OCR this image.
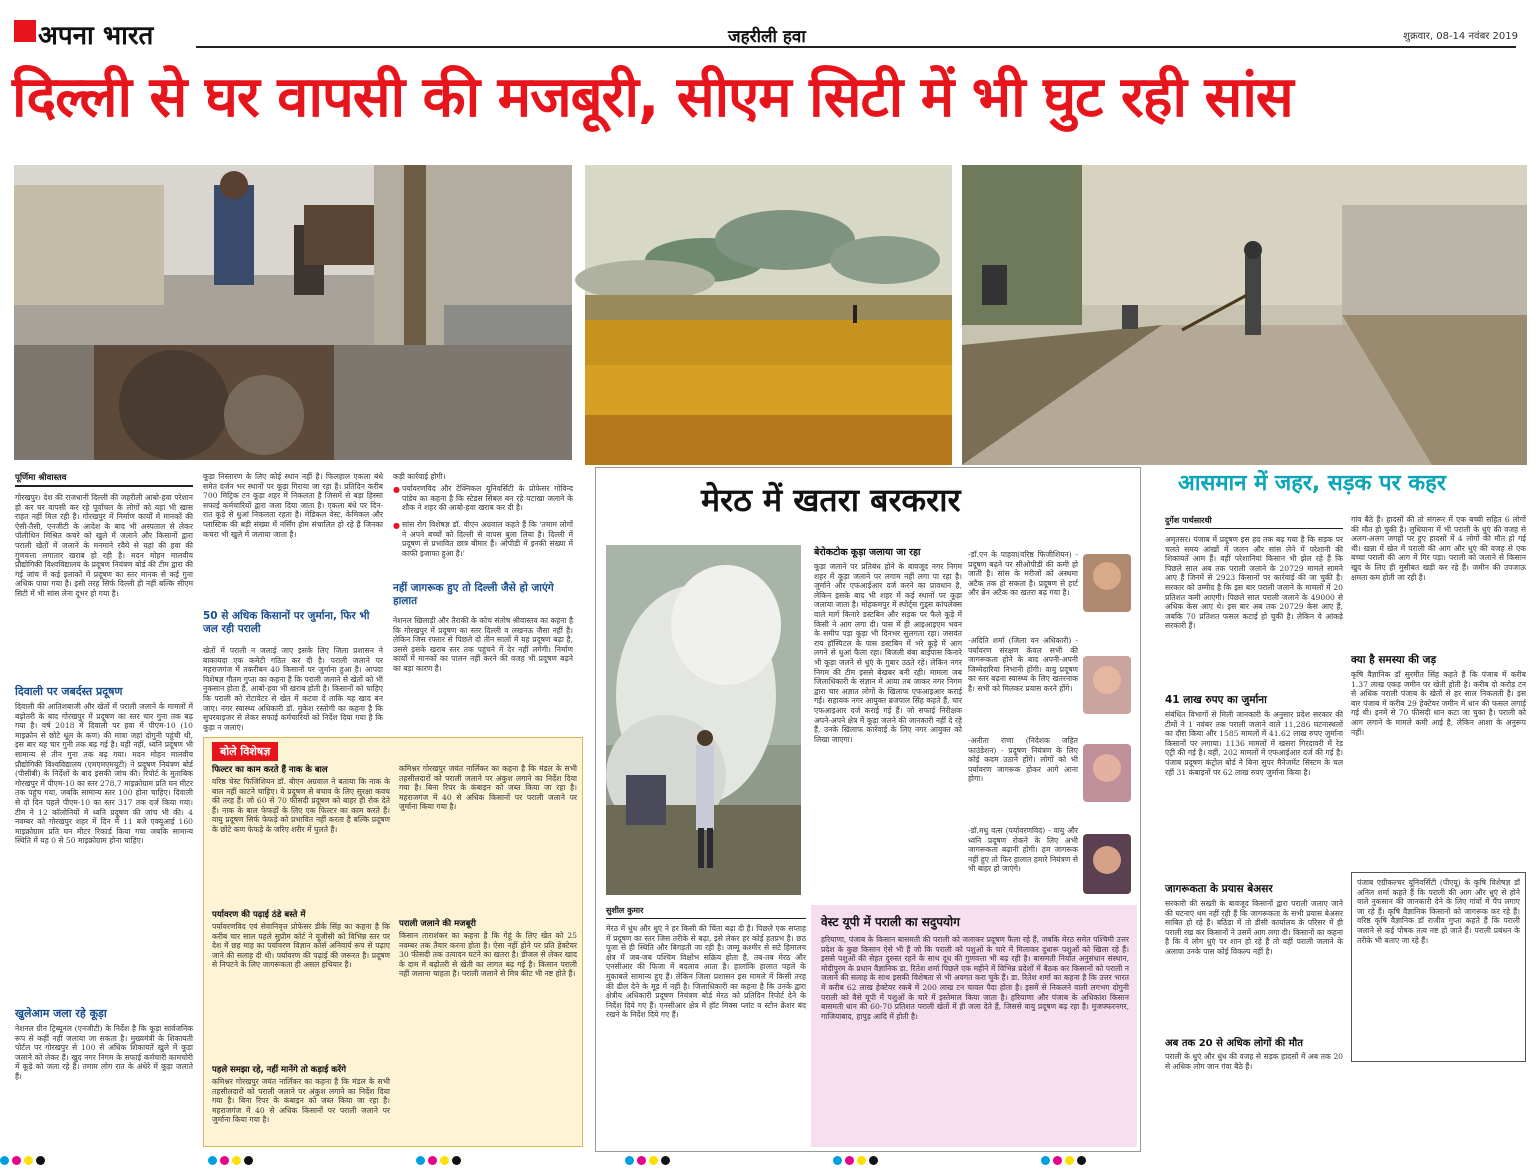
अपना भारत	जहरीली हवा	शुक्रवार, 08-14 नवंबर 2019
दिल्ली से घर वापसी की मजबूरी, सीएम सिटी में भी घुट रही सांस
पूर्णिमा श्रीवास्तव
गोरखपुर। देश की राजधानी दिल्ली की जहरीली आबो-हवा परेशान हो कर घर वापसी कर रहे पूर्वांचल के लोगों को यहां भी खास राहत नहीं मिल रही है। गोरखपुर में निर्माण कार्यों में मानकों की ऐसी-तैसी, एनजीटी के आदेश के बाद भी अस्पताल से लेकर पॉलीथिन मिश्रित कचरे को खुले में जलाने और किसानों द्वारा पराली खेतों में जलाने के मनमाने रवैये से यहां की हवा की गुणवत्ता लगातार खराब हो रही है। मदन मोहन मालवीय प्रौद्योगिकी विश्वविद्यालय के प्रदूषण नियंत्रण बोर्ड की टीम द्वारा की गई जांच में कई इलाकों में प्रदूषण का स्तर मानक से कई गुना अधिक पाया गया है। इसी तरह सिर्फ दिल्ली ही नहीं बल्कि सीएम सिटी में भी सांस लेना दूभर हो गया है।
दिवाली पर जबर्दस्त प्रदूषण
दिवाली की आतिशबाजी और खेतों में पराली जलाने के मामलों में बढ़ोतरी के बाद गोरखपुर में प्रदूषण का स्तर चार गुना तक बढ़ गया है। वर्ष 2018 में दिवाली पर हवा में पीएम-10 (10 माइक्रोन से छोटे धूल के कण) की मात्रा जहां दोगुनी पहुंची थी, इस बार यह चार गुनी तक बढ़ गई है। यही नहीं, ध्वनि प्रदूषण भी सामान्य से तीन गुना तक बढ़ गया। मदन मोहन मालवीय प्रौद्योगिकी विश्वविद्यालय (एमएमएमयूटी) ने प्रदूषण नियंत्रण बोर्ड (पीसीबी) के निर्देशों के बाद इसकी जांच की। रिपोर्ट के मुताबिक गोरखपुर में पीएम-10 का स्तर 278.7 माइक्रोग्राम प्रति घन मीटर तक पहुंच गया, जबकि सामान्य स्तर 100 होना चाहिए। दिवाली से दो दिन पहले पीएम-10 का स्तर 317 तक दर्ज किया गया। टीम ने 12 कॉलोनियों में ध्वनि प्रदूषण की जांच भी की। 4 नवम्बर को गोरखपुर शहर में दिन में 11 बजे एक्यूआई 160 माइक्रोग्राम प्रति घन मीटर रिकार्ड किया गया जबकि सामान्य स्थिति में यह 0 से 50 माइक्रोग्राम होना चाहिए।
खुलेआम जला रहे कूड़ा
नेशनल ग्रीन ट्रिब्यूनल (एनजीटी) के निर्देश है कि कूड़ा सार्वजनिक रूप से कहीं नहीं जलाया जा सकता है। मुख्यमंत्री के शिकायती पोर्टल पर गोरखपुर से 100 से अधिक शिकायतें खुले में कूड़ा जलाने को लेकर हैं। खुद नगर निगम के सफाई कर्मचारी कामचोरी में कूड़े को जला रहे हैं। तमाम लोग रात के अंधेरे में कूड़ा जलाते हैं।
कूड़ा निस्तारण के लिए कोई स्थान नहीं है। फिलहाल एकला बंधे समेत दर्जन भर स्थानों पर कूड़ा गिराया जा रहा है। प्रतिदिन करीब 700 मिट्रिक टन कूड़ा शहर में निकलता है जिसमें से बड़ा हिस्सा सफाई कर्मचारियों द्वारा जला दिया जाता है। एकला बंधे पर दिन-रात कूड़े से धुआं निकलता रहता है। मेडिकल वेस्ट, केमिकल और प्लास्टिक की बड़ी संख्या में नर्सिंग होम संचालित हो रहे हैं जिनका कचरा भी खुले में जलाया जाता है।
50 से अधिक किसानों पर जुर्माना, फिर भी जल रही पराली
खेतों में पराली न जलाई जाए इसके लिए जिला प्रशासन ने बाकायदा एक कमेटी गठित कर दी है। पराली जलाने पर महराजगंज में तकरीबन 40 किसानों पर जुर्माना हुआ है। आपदा विशेषज्ञ गौतम गुप्ता का कहना है कि पराली जलाने से खेतों को भी नुकसान होता है, आबो-हवा भी खराब होती है। किसानों को चाहिए कि पराली को रोटावेटर से खेत में कटवा दें ताकि यह खाद बन जाए। नगर स्वास्थ्य अधिकारी डॉ. मुकेश रस्तोगी का कहना है कि सुपरवाइजर से लेकर सफाई कर्मचारियों को निर्देश दिया गया है कि कूड़ा न जलाएं।
कड़ी कार्रवाई होगी।
● पर्यावरणविद और टेक्निकल यूनिवर्सिटी के प्रोफेसर गोविन्द पांडेय का कहना है कि स्टेडस सिंबल बन रहे पटाखा जलाने के शौक ने शहर की आबो-हवा खराब कर दी है।
● सांस रोग विशेषज्ञ डॉ. वीएन अग्रवाल कहते हैं कि 'तमाम लोगों ने अपने बच्चों को दिल्ली से वापस बुला लिया है। दिल्ली में प्रदूषण से प्रभावित छात्र बीमार हैं। ओपीडी में इनकी संख्या में काफी इजाफा हुआ है।'
नहीं जागरूक हुए तो दिल्ली जैसे हो जाएंगे हालात
नेशनल खिलाड़ी और तैराकी के कोच संतोष श्रीवास्तव का कहना है कि गोरखपुर में प्रदूषण का स्तर दिल्ली व लखनऊ जैसा नहीं है। लेकिन जिस रफ्तार से पिछले दो तीन सालों में यह प्रदूषण बढ़ा है, उससे इसके खराब स्तर तक पहुंचने में देर नहीं लगेगी। निर्माण कार्यों में मानकों का पालन नहीं करने की वजह भी प्रदूषण बढ़ने का बड़ा कारण है।
बोले विशेषज्ञ
फिल्टर का काम करते हैं नाक के बाल
वरिष्ठ चेस्ट फिजिशियन डॉ. बीएन अग्रवाल ने बताया कि नाक के बाल नहीं काटने चाहिए। ये प्रदूषण से बचाव के लिए सुरक्षा कवच की तरह हैं। जो 60 से 70 फीसदी प्रदूषण को बाहर ही रोक देते हैं। नाक के बाल फेफड़ों के लिए एक फिल्टर का काम करते हैं। वायु प्रदूषण सिर्फ फेफड़े को प्रभावित नहीं करता है बल्कि प्रदूषण के छोटे कण फेफड़े के जरिए शरीर में घुलते हैं।
पर्यावरण की पढ़ाई ठंडे बस्ते में
पर्यावरणविद एवं सेवानिवृत्त प्रोफेसर डीके सिंह का कहना है कि करीब चार साल पहले सुप्रीम कोर्ट ने यूजीसी को विभिन्न स्तर पर देश में छह माह का पर्यावरण विज्ञान कोर्स अनिवार्य रूप से पढ़ाए जाने की सलाह दी थी। पर्यावरण की पढ़ाई की जरूरत है। प्रदूषण से निपटने के लिए जागरूकता ही असल हथियार है।
पहले समझा रहे, नहीं मानेंगे तो कड़ाई करेंगे
कमिश्नर गोरखपुर जयंत नार्लिकर का कहना है कि मंडल के सभी तहसीलदारों को पराली जलाने पर अंकुश लगाने का निर्देश दिया गया है। बिना रिपर के कंबाइन को जब्त किया जा रहा है। महराजगंज में 40 से अधिक किसानों पर पराली जलाने पर जुर्माना किया गया है।
कमिश्नर गोरखपुर जयंत नार्लिकर का कहना है कि मंडल के सभी तहसीलदारों को पराली जलाने पर अंकुश लगाने का निर्देश दिया गया है। बिना रिपर के कंबाइन को जब्त किया जा रहा है। महराजगंज में 40 से अधिक किसानों पर पराली जलाने पर जुर्माना किया गया है।
पराली जलाने की मजबूरी
किसान ताराशंकर का कहना है कि गेहूं के लिए खेत को 25 नवम्बर तक तैयार करना होता है। ऐसा नहीं होने पर प्रति हेक्टेयर 30 फीसदी तक उत्पादन घटने का खतरा है। डीजल से लेकर खाद के दाम में बढ़ोतरी से खेती का लागत बढ़ गई है। किसान पराली नहीं जलाना चाहता है। पराली जलाने से मित्र कीट भी नष्ट होते हैं।
मेरठ में खतरा बरकरार
बेरोकटोक कूड़ा जलाया जा रहा
कूड़ा जलाने पर प्रतिबंध होने के बावजूद नगर निगम शहर में कूड़ा जलाने पर लगाम नहीं लगा पा रहा है। जुर्माने और एफआईआर दर्ज करने का प्रावधान है, लेकिन इसके बाद भी शहर में कई स्थानों पर कूड़ा जलाया जाता है। मोहकमपुर में स्पोर्ट्स गुड्स कांपलेक्स वाले मार्ग किनारे डस्टबिन और सड़क पर फैले कूड़े में किसी ने आग लगा दी। पास में ही आइआइएम भवन के समीप पड़ा कूड़ा भी दिनभर सुलगता रहा। जसवंत राय हॉस्पिटल के पास डस्टबिन में भरे कूड़े में आग लगने से धुआं फैला रहा। बिजली बंबा बाईपास किनारे भी कूड़ा जलने से धुएं के गुबार उठते रहे। लेकिन नगर निगम की टीम इससे बेखबर बनी रही। मामला जब जिलाधिकारी के संज्ञान में आया तब जाकर नगर निगम द्वारा चार अज्ञात लोगों के खिलाफ एफआइआर कराई गई। सहायक नगर आयुक्त ब्रजपाल सिंह कहते हैं, चार एफआइआर दर्ज कराई गई हैं। जो सफाई निरीक्षक अपने-अपने क्षेत्र में कूड़ा जलने की जानकारी नहीं दे रहे हैं, उनके खिलाफ कार्रवाई के लिए नगर आयुक्त को लिखा जाएगा।
-डॉ.एन के पाहवा(वरिष्ठ फिजीशियन) - प्रदूषण बढ़ने पर सीओपीडी की कमी हो जाती है। सांस के मरीजों को अस्थमा अटैक तक हो सकता है। प्रदूषण से हार्ट और ब्रेन अटैक का खतरा बढ़ गया है।
-अदिति शर्मा (जिला वन अधिकारी) - पर्यावरण संरक्षण केवल सभी की जागरूकता होने के बाद अपनी-अपनी जिम्मेदारियां निभानी होंगी। वायु प्रदूषण का स्तर बढ़ना स्वास्थ्य के लिए खतरनाक है। सभी को मिलकर प्रयास करने होंगे।
-अनीता राणा (निदेशक जहित फाउंडेशन) - प्रदूषण नियंत्रण के लिए कोई कदम उठाने होंगे। लोगों को भी पर्यावरण जागरूक होकर आगे आना होगा।
-डॉ.मधु वत्स (पर्यावरणविद) - वायु और ध्वनि प्रदूषण रोकने के लिए अभी जागरूकता बढ़ानी होगी। हम जागरूक नहीं हुए तो फिर हालात हमारे नियंत्रण से भी बाहर हो जाएंगे।
सुशील कुमार
मेरठ में धुंध और धुएं ने हर किसी की चिंता बढ़ा दी है। पिछले एक सप्ताह में प्रदूषण का स्तर जिस तरीके से बढ़ा, इसे लेकर हर कोई हतप्रभ है। छठ पूजा से ही स्थिति और बिगड़ती जा रही है। जम्मू कश्मीर से सटे हिमालय क्षेत्र में जब-जब पश्चिम विक्षोभ सक्रिय होता है, तब-तब मेरठ और एनसीआर की फिजा में बदलाव आता है। हालांकि हालात पहले के मुकाबले सामान्य हुए हैं। लेकिन जिला प्रशासन इस मामले में किसी तरह की ढील देने के मूड में नहीं है। जिलाधिकारी का कहना है कि उनके द्वारा क्षेत्रीय अधिकारी प्रदूषण नियंत्रण बोर्ड मेरठ को प्रतिदिन रिपोर्ट देने के निर्देश दिये गए हैं। एनसीआर क्षेत्र में हॉट मिक्स प्लांट व स्टोन क्रेशर बंद रखने के निर्देश दिये गए हैं।
वेस्ट यूपी में पराली का सदुपयोग
हरियाणा, पंजाब के किसान बासमती की पराली को जलाकर प्रदूषण फैला रहे हैं, जबकि मेरठ समेत पश्चिमी उत्तर प्रदेश के कुछ किसान ऐसे भी हैं जो कि पराली को पशुओं के चारे में मिलाकर दुधारू पशुओं को खिला रहे हैं। इससे पशुओं की सेहत दुरुस्त रहने के साथ दूध की गुणवत्ता भी बढ़ रही है। बासमती निर्यात अनुसंधान संस्थान, मोदीपुरम के प्रधान वैज्ञानिक डा. रितेश शर्मा पिछले एक महीने में विभिन्न प्रदेशों में बैठक कर किसानों को पराली न जलाने की सलाह के साथ इसकी विशेषता से भी अवगत करा चुके हैं। डा. रितेश शर्मा का कहना है कि उत्तर भारत में करीब 62 लाख हेक्टेयर रकबे में 200 लाख टन चावल पैदा होता है। इसमें से निकलने वाली लगभग दोगुनी पराली को वैसे यूपी में पशुओं के चारे में इस्तेमाल किया जाता है। हरियाणा और पंजाब के अधिकांश किसान बासमती धान की 60-70 प्रतिशत पराली खेतों में ही जला देते हैं, जिससे वायु प्रदूषण बढ़ रहा है। मुजफ्फरनगर, गाजियाबाद, हापुड़ आदि में होती है।
आसमान में जहर, सड़क पर कहर
दुर्गेश पार्थसारथी
अमृतसर। पंजाब में प्रदूषण इस हद तक बढ़ गया है कि सड़क पर चलते समय आंखों में जलन और सांस लेने में परेशानी की शिकायतें आम हैं। वहीं परेशानियां किसान भी झेल रहे हैं कि पिछले साल अब तक पराली जलाने के 20729 मामले सामने आए हैं जिनमें से 2923 किसानों पर कार्रवाई की जा चुकी है। सरकार को उम्मीद है कि इस बार पराली जलाने के मामलों में 20 प्रतिशत कमी आएगी। पिछले साल पराली जलाने के 49000 से अधिक केस आए थे। इस बार अब तक 20729 केस आए हैं, जबकि 70 प्रतिशत फसल कटाई हो चुकी है। लेकिन ये आंकड़े सरकारी हैं।
41 लाख रुपए का जुर्माना
संबंधित विभागों से मिली जानकारी के अनुसार प्रदेश सरकार की टीमों ने 1 नवंबर तक पराली जलाने वाले 11,286 घटनास्थलों का दौरा किया और 1585 मामलों में 41.62 लाख रुपए जुर्माना किसानों पर लगाया। 1136 मामलों में खसरा गिरदावरी में रेड एंट्री की गई है। वहीं, 202 मामलों में एफआईआर दर्ज की गई है। पंजाब प्रदूषण कंट्रोल बोर्ड ने बिना सुपर मैनेजमेंट सिस्टम के चल रहीं 31 कंबाइनों पर 62 लाख रुपए जुर्माना किया है।
जागरूकता के प्रयास बेअसर
सरकारी की सख्ती के बावजूद किसानों द्वारा पराली जलाए जाने की घटनाएं थम नहीं रही हैं कि जागरूकता के सभी प्रयास बेअसर साबित हो रहे हैं। बठिंडा में तो डीसी कार्यालय के परिसर में ही पराली रख कर किसानों ने उसमें आग लगा दी। किसानों का कहना है कि वे लोग धुएं पर शान हो रहे हैं तो वहीं पराली जलाने के अलावा उनके पास कोई विकल्प नहीं है।
अब तक 20 से अधिक लोगों की मौत
पराली के धुएं और धुंध की वजह से सड़क हादसों में अब तक 20 से अधिक लोग जान गंवा बैठे हैं।
गांव बैठे हैं। हादसों की तो संगरूर में एक बच्ची सहित 6 लोगों की मौत हो चुकी है। लुधियाना में भी पराली के धुएं की वजह से अलग-अलग जगहों पर हुए हादसों में 4 लोगों की मौत हो गई थी। खन्ना में खेत में पराली की आग और धुएं की वजह से एक बच्चा पराली की आग में गिर पड़ा। पराली को जलाने से किसान खुद के लिए ही मुसीबत खड़ी कर रहे हैं। जमीन की उपजाऊ क्षमता कम होती जा रही है।
क्या है समस्या की जड़
कृषि वैज्ञानिक डॉ सुरमीत सिंह कहते हैं कि पंजाब में करीब 1.37 लाख एकड़ जमीन पर खेती होती है। करीब दो करोड़ टन से अधिक पराली पंजाब के खेतों से हर साल निकलती है। इस बार पंजाब में करीब 29 हेक्टेयर जमीन में धान की फसल लगाई गई थी। इनमें से 70 फीसदी धान कटा जा चुका है। पराली को आग लगाने के मामले कमी आई है, लेकिन आशा के अनुरूप नहीं।
पंजाब एग्रीकल्चर यूनिवर्सिटी (पीएयू) के कृषि विशेषज्ञ डॉ अनिल शर्मा कहते हैं कि पराली की आग और धुएं से होने वाले नुकसान की जानकारी देने के लिए गांवों में पैंप लगाए जा रहे हैं। कृषि वैज्ञानिक किसानों को जागरूक कर रहे हैं। वरिष्ठ कृषि वैज्ञानिक डॉ राजीव गुप्ता कहते हैं कि पराली जलाने से कई पोषक तत्व नष्ट हो जाते हैं। पराली प्रबंधन के तरीके भी बताए जा रहे हैं।
